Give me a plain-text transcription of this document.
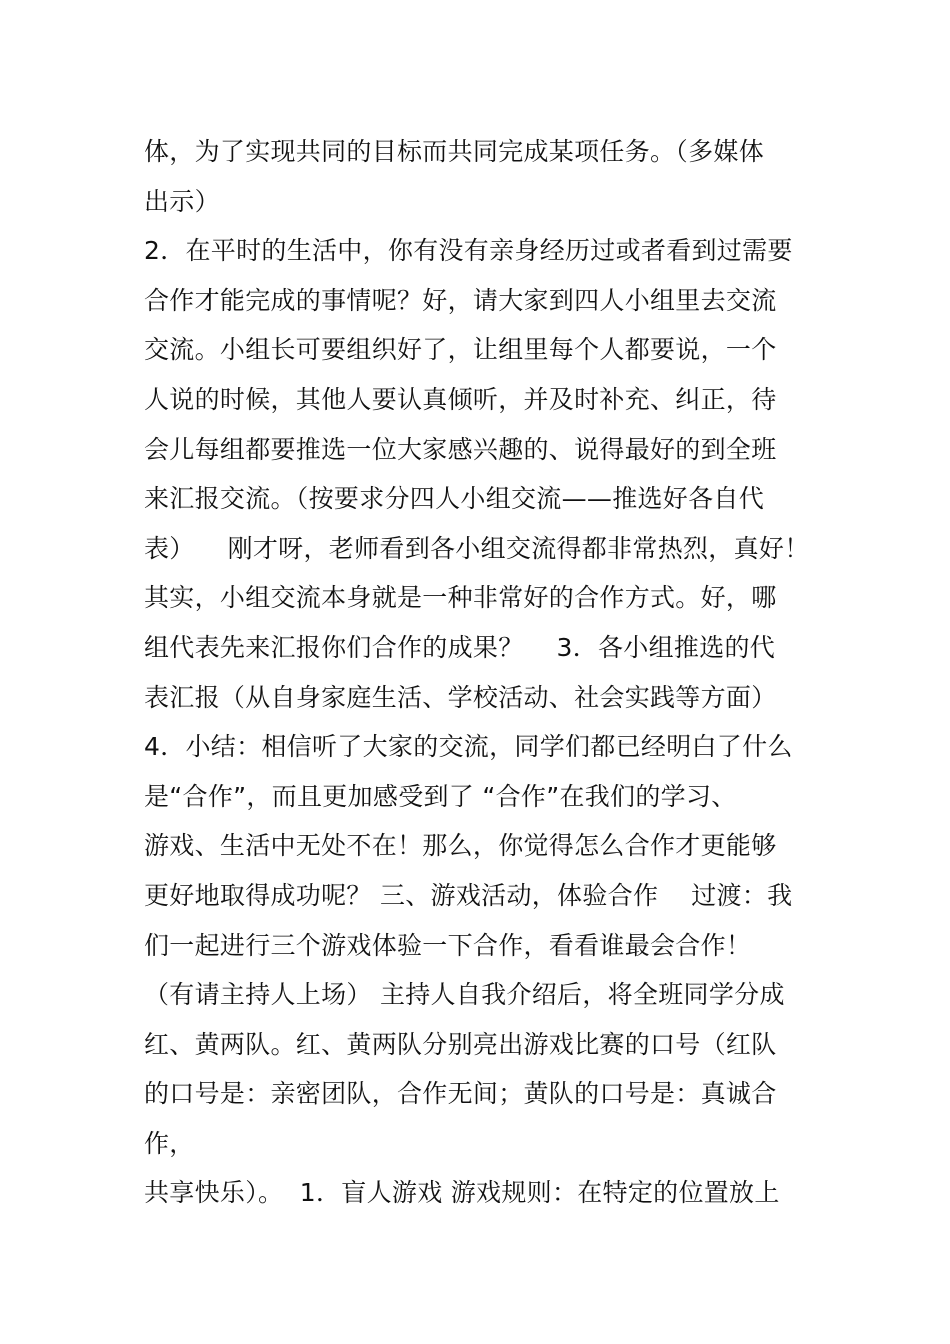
体，为了实现共同的目标而共同完成某项任务。（多媒体
出示）
2．在平时的生活中，你有没有亲身经历过或者看到过需要
合作才能完成的事情呢？好，请大家到四人小组里去交流
交流。小组长可要组织好了，让组里每个人都要说，一个
人说的时候，其他人要认真倾听，并及时补充、纠正，待
会儿每组都要推选一位大家感兴趣的、说得最好的到全班
来汇报交流。（按要求分四人小组交流——推选好各自代
表）    刚才呀，老师看到各小组交流得都非常热烈，真好！
其实，小组交流本身就是一种非常好的合作方式。好，哪
组代表先来汇报你们合作的成果？    3．各小组推选的代
表汇报（从自身家庭生活、学校活动、社会实践等方面）
4．小结：相信听了大家的交流，同学们都已经明白了什么
是“合作”，而且更加感受到了 “合作”在我们的学习、
游戏、生活中无处不在！那么，你觉得怎么合作才更能够
更好地取得成功呢？ 三、游戏活动，体验合作    过渡：我
们一起进行三个游戏体验一下合作，看看谁最会合作！
（有请主持人上场） 主持人自我介绍后，将全班同学分成
红、黄两队。红、黄两队分别亮出游戏比赛的口号（红队
的口号是：亲密团队，合作无间；黄队的口号是：真诚合
作，
共享快乐）。  1．盲人游戏 游戏规则：在特定的位置放上
